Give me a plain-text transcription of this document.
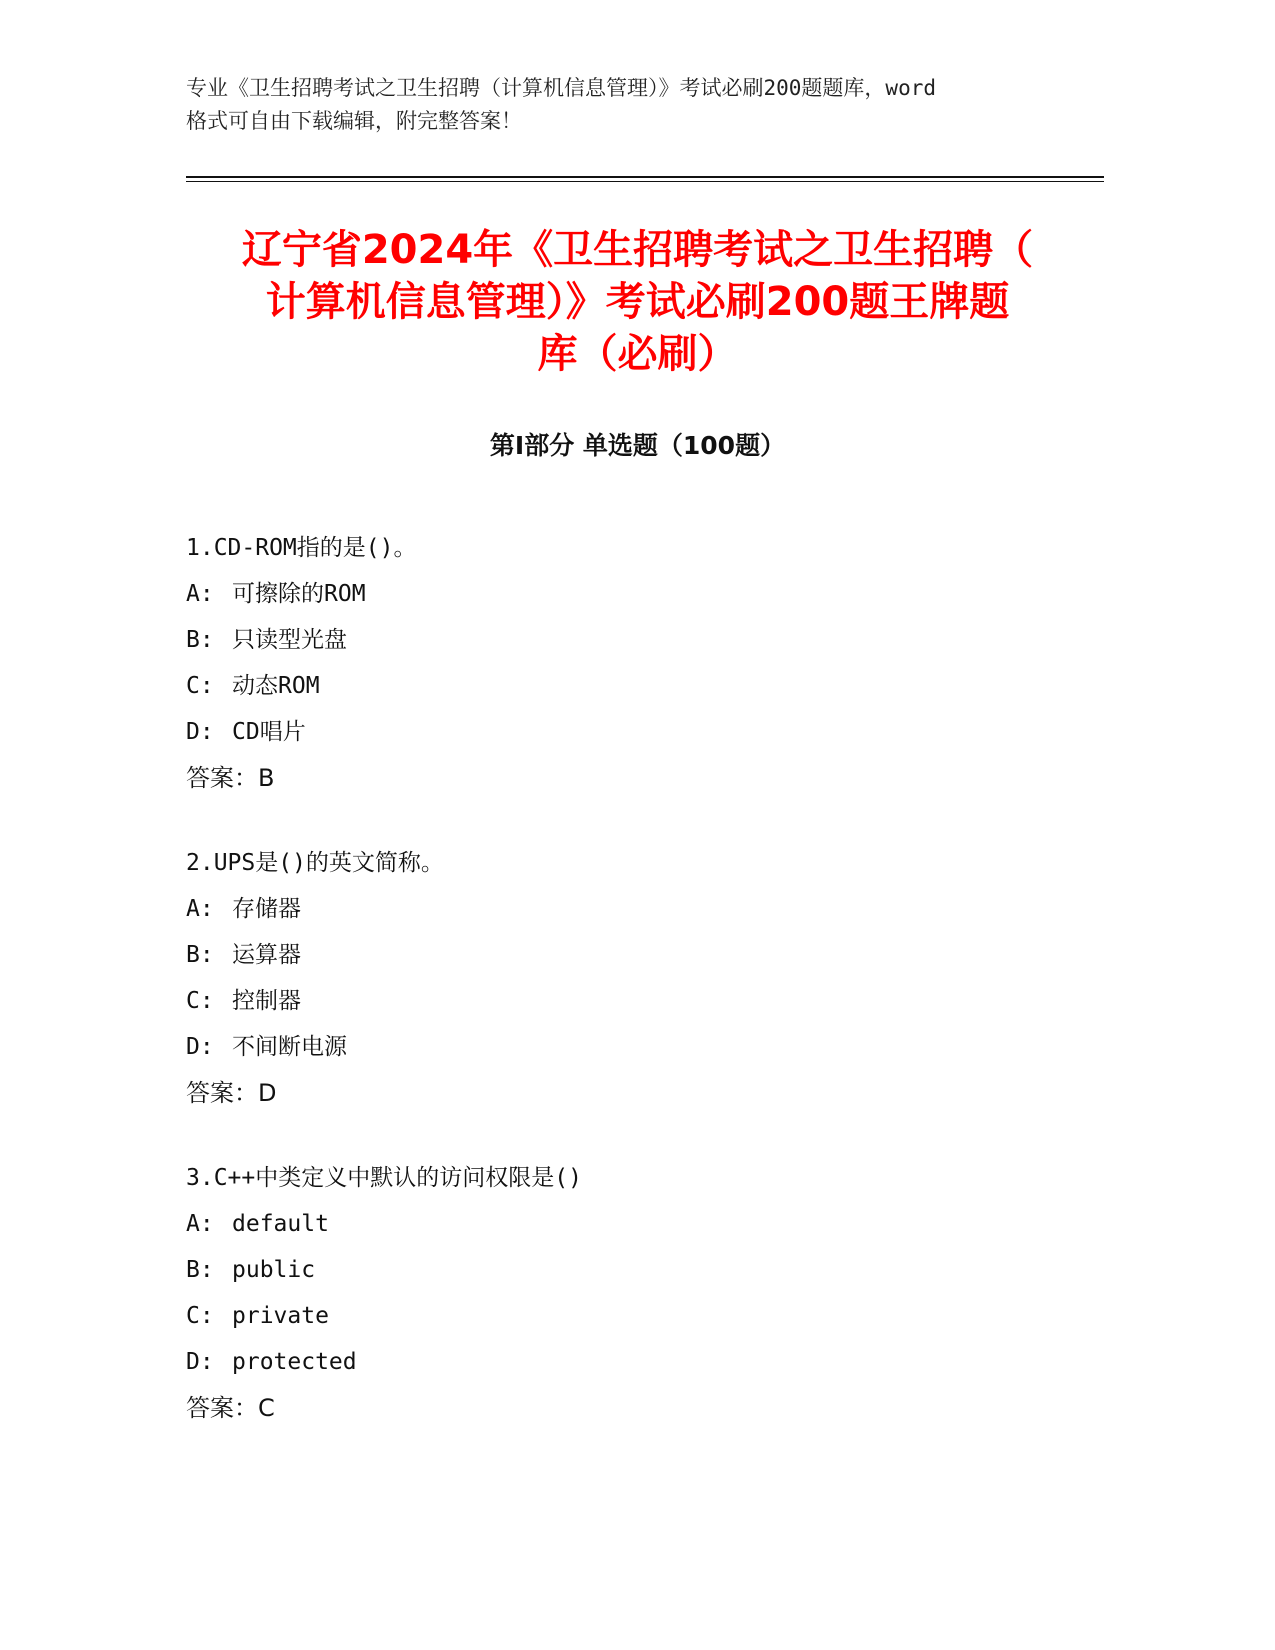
专业《卫生招聘考试之卫生招聘（计算机信息管理）》考试必刷200题题库，word
格式可自由下载编辑，附完整答案！
辽宁省2024年《卫生招聘考试之卫生招聘（
计算机信息管理）》考试必刷200题王牌题
库（必刷）
第I部分 单选题（100题）
1.CD-ROM指的是()。
A: 可擦除的ROM
B: 只读型光盘
C: 动态ROM
D: CD唱片
答案：B
2.UPS是()的英文简称。
A: 存储器
B: 运算器
C: 控制器
D: 不间断电源
答案：D
3.C++中类定义中默认的访问权限是()
A: default
B: public
C: private
D: protected
答案：C
